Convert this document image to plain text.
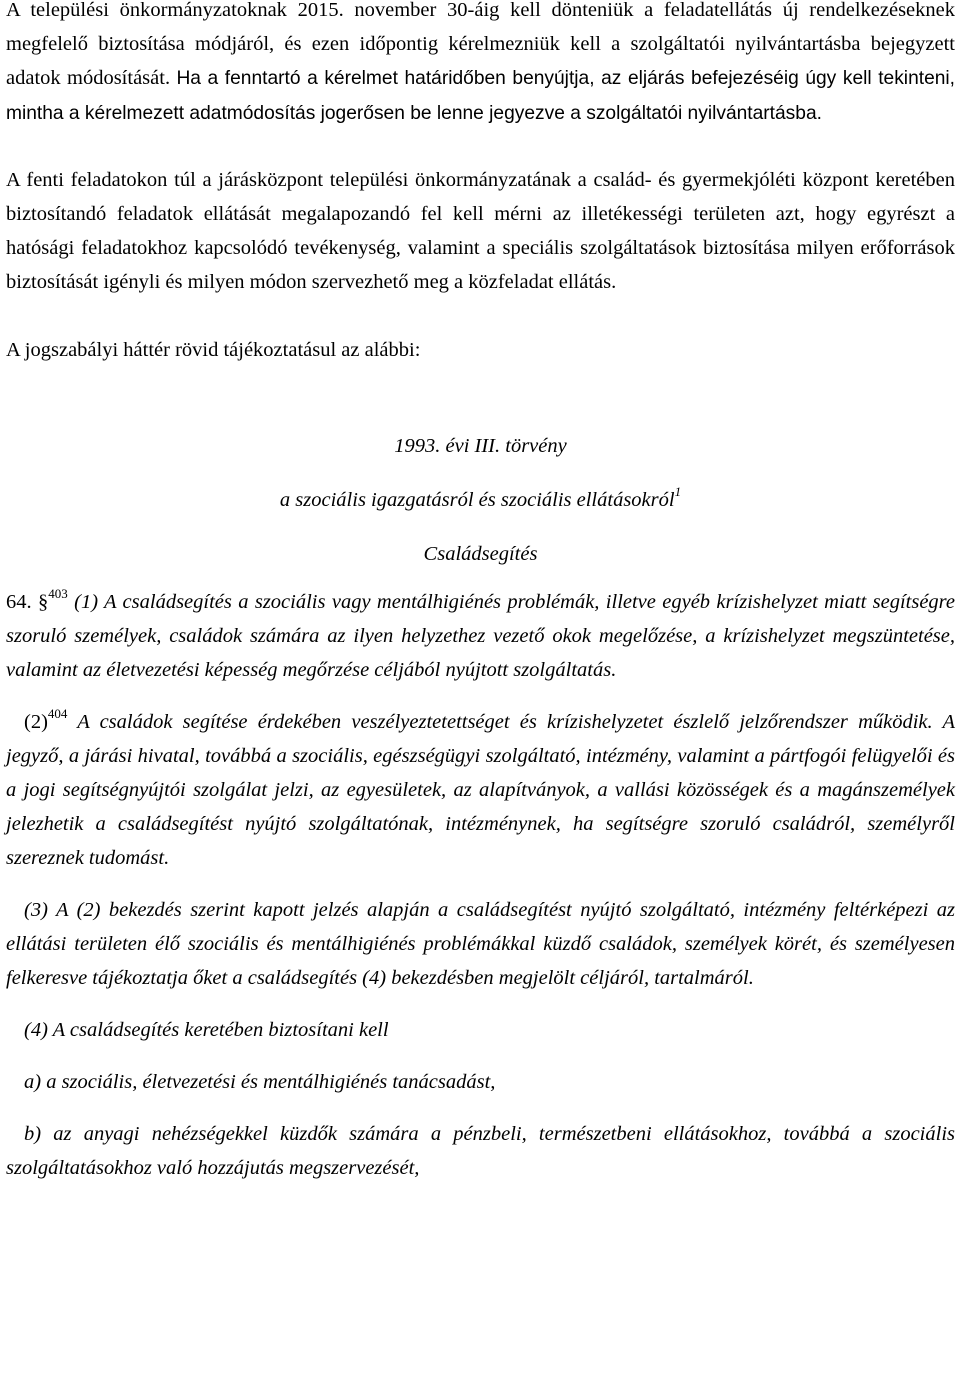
A települési önkormányzatoknak 2015. november 30-áig kell dönteniük a feladatellátás új rendelkezéseknek megfelelő biztosítása módjáról, és ezen időpontig kérelmezniük kell a szolgáltatói nyilvántartásba bejegyzett adatok módosítását. Ha a fenntartó a kérelmet határidőben benyújtja, az eljárás befejezéséig úgy kell tekinteni, mintha a kérelmezett adatmódosítás jogerősen be lenne jegyezve a szolgáltatói nyilvántartásba.

A fenti feladatokon túl a járásközpont települési önkormányzatának a család- és gyermekjóléti központ keretében biztosítandó feladatok ellátását megalapozandó fel kell mérni az illetékességi területen azt, hogy egyrészt a hatósági feladatokhoz kapcsolódó tevékenység, valamint a speciális szolgáltatások biztosítása milyen erőforrások biztosítását igényli és milyen módon szervezhető meg a közfeladat ellátás.

A jogszabályi háttér rövid tájékoztatásul az alábbi:

1993. évi III. törvény

a szociális igazgatásról és szociális ellátásokról$^1$

Családsegítés

64. §$^{403}$ (1) A családsegítés a szociális vagy mentálhigiénés problémák, illetve egyéb krízishelyzet miatt segítségre szoruló személyek, családok számára az ilyen helyzethez vezető okok megelőzése, a krízishelyzet megszüntetése, valamint az életvezetési képesség megőrzése céljából nyújtott szolgáltatás.

$(2)^{404}$ A családok segítése érdekében veszélyeztetettséget és krízishelyzetet észlelő jelzőrendszer működik. A jegyző, a járási hivatal, továbbá a szociális, egészségügyi szolgáltató, intézmény, valamint a pártfogói felügyelői és a jogi segítségnyújtói szolgálat jelzi, az egyesületek, az alapítványok, a vallási közösségek és a magánszemélyek jelezhetik a családsegítést nyújtó szolgáltatónak, intézménynek, ha segítségre szoruló családról, személyről szereznek tudomást.

(3) A (2) bekezdés szerint kapott jelzés alapján a családsegítést nyújtó szolgáltató, intézmény feltérképezi az ellátási területen élő szociális és mentálhigiénés problémákkal küzdő családok, személyek körét, és személyesen felkeresve tájékoztatja őket a családsegítés (4) bekezdésben megjelölt céljáról, tartalmáról.

(4) A családsegítés keretében biztosítani kell

a) a szociális, életvezetési és mentálhigiénés tanácsadást,

b) az anyagi nehézségekkel küzdők számára a pénzbeli, természetbeni ellátásokhoz, továbbá a szociális szolgáltatásokhoz való hozzájutás megszervezését,
